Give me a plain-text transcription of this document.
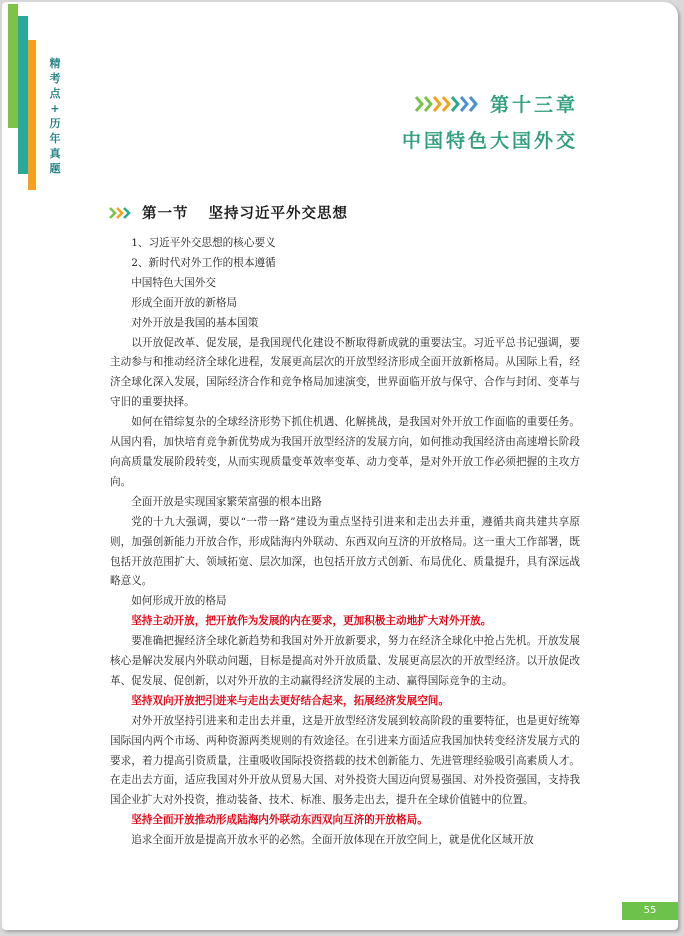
精
考
点
+
历
年
真
题
第十三章
中国特色大国外交
第一节 坚持习近平外交思想

1、习近平外交思想的核心要义

2、新时代对外工作的根本遵循

中国特色大国外交

形成全面开放的新格局

对外开放是我国的基本国策

以开放促改革、促发展，是我国现代化建设不断取得新成就的重要法宝。习近平总书记强调，要主动参与和推动经济全球化进程，发展更高层次的开放型经济形成全面开放新格局。从国际上看，经济全球化深入发展，国际经济合作和竞争格局加速演变，世界面临开放与保守、合作与封闭、变革与守旧的重要抉择。

如何在错综复杂的全球经济形势下抓住机遇、化解挑战，是我国对外开放工作面临的重要任务。从国内看，加快培育竞争新优势成为我国开放型经济的发展方向，如何推动我国经济由高速增长阶段向高质量发展阶段转变，从而实现质量变革效率变革、动力变革，是对外开放工作必须把握的主攻方向。

全面开放是实现国家繁荣富强的根本出路

党的十九大强调，要以“一带一路”建设为重点坚持引进来和走出去并重，遵循共商共建共享原则，加强创新能力开放合作，形成陆海内外联动、东西双向互济的开放格局。这一重大工作部署，既包括开放范围扩大、领域拓宽、层次加深，也包括开放方式创新、布局优化、质量提升，具有深远战略意义。

如何形成开放的格局

坚持主动开放，把开放作为发展的内在要求，更加积极主动地扩大对外开放。

要准确把握经济全球化新趋势和我国对外开放新要求，努力在经济全球化中抢占先机。开放发展核心是解决发展内外联动问题，目标是提高对外开放质量、发展更高层次的开放型经济。以开放促改革、促发展、促创新，以对外开放的主动赢得经济发展的主动、赢得国际竞争的主动。

坚持双向开放把引进来与走出去更好结合起来，拓展经济发展空间。

对外开放坚持引进来和走出去并重，这是开放型经济发展到较高阶段的重要特征，也是更好统筹国际国内两个市场、两种资源两类规则的有效途径。在引进来方面适应我国加快转变经济发展方式的要求，着力提高引资质量，注重吸收国际投资搭载的技术创新能力、先进管理经验吸引高素质人才。在走出去方面，适应我国对外开放从贸易大国、对外投资大国迈向贸易强国、对外投资强国，支持我国企业扩大对外投资，推动装备、技术、标准、服务走出去，提升在全球价值链中的位置。

坚持全面开放推动形成陆海内外联动东西双向互济的开放格局。

追求全面开放是提高开放水平的必然。全面开放体现在开放空间上，就是优化区域开放

55
